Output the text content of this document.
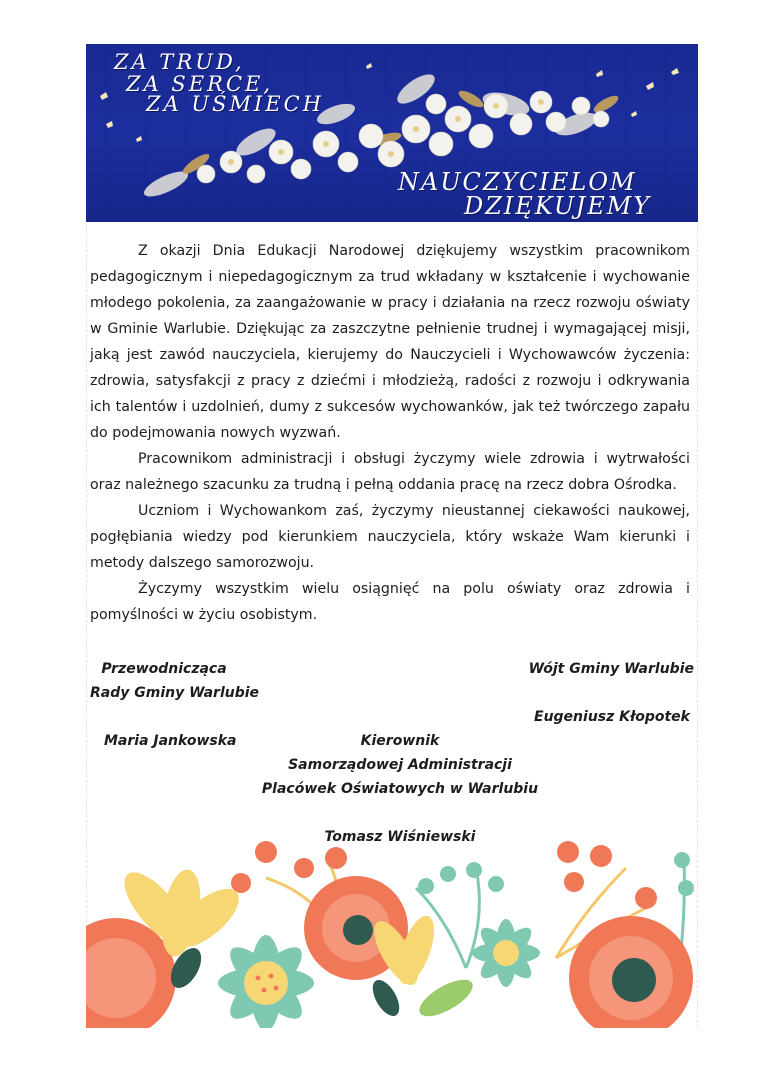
ZA TRUD,
ZA SERCE,
ZA UŚMIECH
NAUCZYCIELOM
DZIĘKUJEMY

Z okazji Dnia Edukacji Narodowej dziękujemy wszystkim pracownikom pedagogicznym i niepedagogicznym za trud wkładany w kształcenie i wychowanie młodego pokolenia, za zaangażowanie w pracy i działania na rzecz rozwoju oświaty w Gminie Warlubie. Dziękując za zaszczytne pełnienie trudnej i wymagającej misji, jaką jest zawód nauczyciela, kierujemy do Nauczycieli i Wychowawców życzenia: zdrowia, satysfakcji z pracy z dziećmi i młodzieżą, radości z rozwoju i odkrywania ich talentów i uzdolnień, dumy z sukcesów wychowanków, jak też twórczego zapału do podejmowania nowych wyzwań.

Pracownikom administracji i obsługi życzymy wiele zdrowia i wytrwałości oraz należnego szacunku za trudną i pełną oddania pracę na rzecz dobra Ośrodka.

Uczniom i Wychowankom zaś, życzymy nieustannej ciekawości naukowej, pogłębiania wiedzy pod kierunkiem nauczyciela, który wskaże Wam kierunki i metody dalszego samorozwoju.

Życzymy wszystkim wielu osiągnięć na polu oświaty oraz zdrowia i pomyślności w życiu osobistym.

Przewodnicząca
Rady Gminy Warlubie
Maria Jankowska
Wójt Gminy Warlubie
Eugeniusz Kłopotek
Kierownik
Samorządowej Administracji
Placówek Oświatowych w Warlubiu
Tomasz Wiśniewski
